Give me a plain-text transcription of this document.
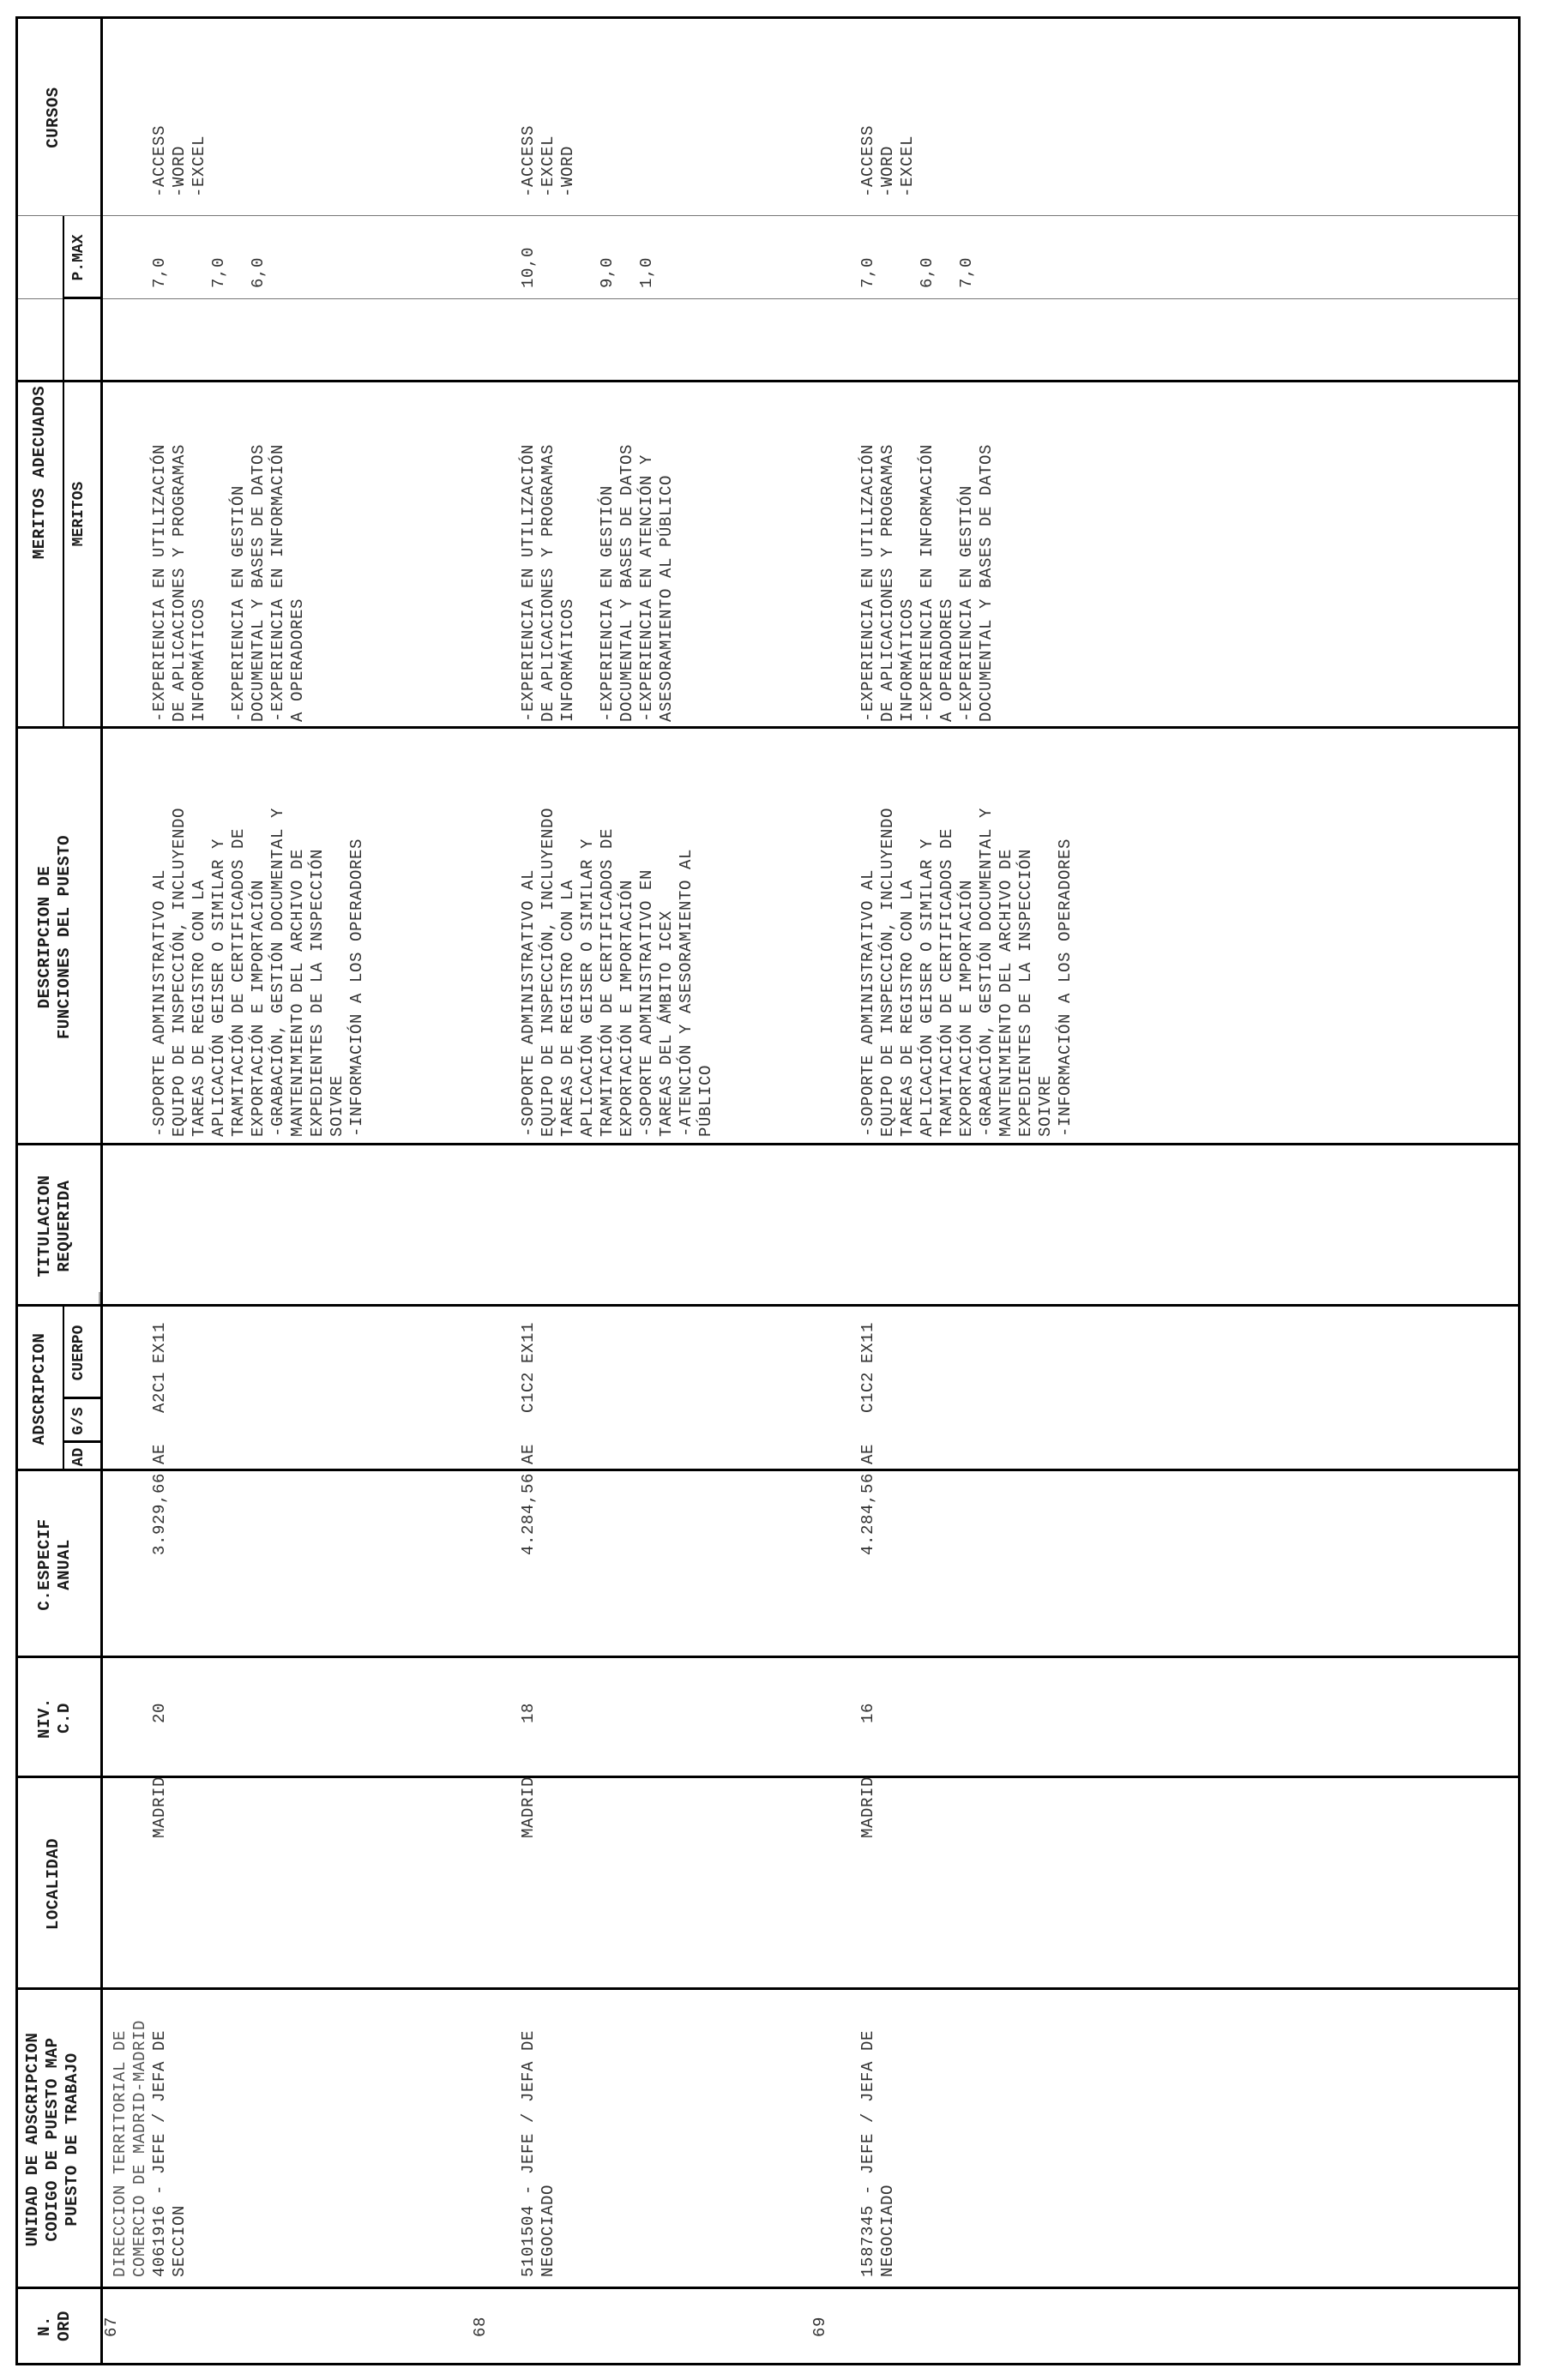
N.
ORD
UNIDAD DE ADSCRIPCION
CODIGO DE PUESTO MAP
PUESTO DE TRABAJO
LOCALIDAD
NIV.
C.D
C.ESPECIF
ANUAL
ADSCRIPCION
AD
G/S
CUERPO
TITULACION
REQUERIDA
DESCRIPCION DE
FUNCIONES DEL PUESTO
MERITOS ADECUADOS MERITOS
P.MAX
CURSOS
DIRECCION TERRITORIAL DE
COMERCIO DE MADRID-MADRID
67
4061916 - JEFE / JEFA DE
SECCION
MADRID
20
3.929,66
AE
A2C1
EX11
-SOPORTE ADMINISTRATIVO AL
EQUIPO DE INSPECCIÓN, INCLUYENDO
TAREAS DE REGISTRO CON LA
APLICACIÓN GEISER O SIMILAR Y
TRAMITACIÓN DE CERTIFICADOS DE
EXPORTACIÓN E IMPORTACIÓN
-GRABACIÓN, GESTIÓN DOCUMENTAL Y
MANTENIMIENTO DEL ARCHIVO DE
EXPEDIENTES DE LA INSPECCIÓN
SOIVRE
-INFORMACIÓN A LOS OPERADORES
-EXPERIENCIA EN UTILIZACIÓN
DE APLICACIONES Y PROGRAMAS
INFORMÁTICOS

-EXPERIENCIA EN GESTIÓN
DOCUMENTAL Y BASES DE DATOS
-EXPERIENCIA EN INFORMACIÓN
A OPERADORES
7,0

7,0

6,0
-ACCESS
-WORD
-EXCEL
68
5101504 - JEFE / JEFA DE
NEGOCIADO
MADRID
18
4.284,56
AE
C1C2
EX11
-SOPORTE ADMINISTRATIVO AL
EQUIPO DE INSPECCIÓN, INCLUYENDO
TAREAS DE REGISTRO CON LA
APLICACIÓN GEISER O SIMILAR Y
TRAMITACIÓN DE CERTIFICADOS DE
EXPORTACIÓN E IMPORTACIÓN
-SOPORTE ADMINISTRATIVO EN
TAREAS DEL ÁMBITO ICEX
-ATENCIÓN Y ASESORAMIENTO AL
PÚBLICO
-EXPERIENCIA EN UTILIZACIÓN
DE APLICACIONES Y PROGRAMAS
INFORMÁTICOS

-EXPERIENCIA EN GESTIÓN
DOCUMENTAL Y BASES DE DATOS
-EXPERIENCIA EN ATENCIÓN Y
ASESORAMIENTO AL PÚBLICO
10,0

9,0

1,0
-ACCESS
-EXCEL
-WORD
69
1587345 - JEFE / JEFA DE
NEGOCIADO
MADRID
16
4.284,56
AE
C1C2
EX11
-SOPORTE ADMINISTRATIVO AL
EQUIPO DE INSPECCIÓN, INCLUYENDO
TAREAS DE REGISTRO CON LA
APLICACIÓN GEISER O SIMILAR Y
TRAMITACIÓN DE CERTIFICADOS DE
EXPORTACIÓN E IMPORTACIÓN
-GRABACIÓN, GESTIÓN DOCUMENTAL Y
MANTENIMIENTO DEL ARCHIVO DE
EXPEDIENTES DE LA INSPECCIÓN
SOIVRE
-INFORMACIÓN A LOS OPERADORES
-EXPERIENCIA EN UTILIZACIÓN
DE APLICACIONES Y PROGRAMAS
INFORMÁTICOS
-EXPERIENCIA EN INFORMACIÓN
A OPERADORES
-EXPERIENCIA EN GESTIÓN
DOCUMENTAL Y BASES DE DATOS
7,0

6,0

7,0
-ACCESS
-WORD
-EXCEL
